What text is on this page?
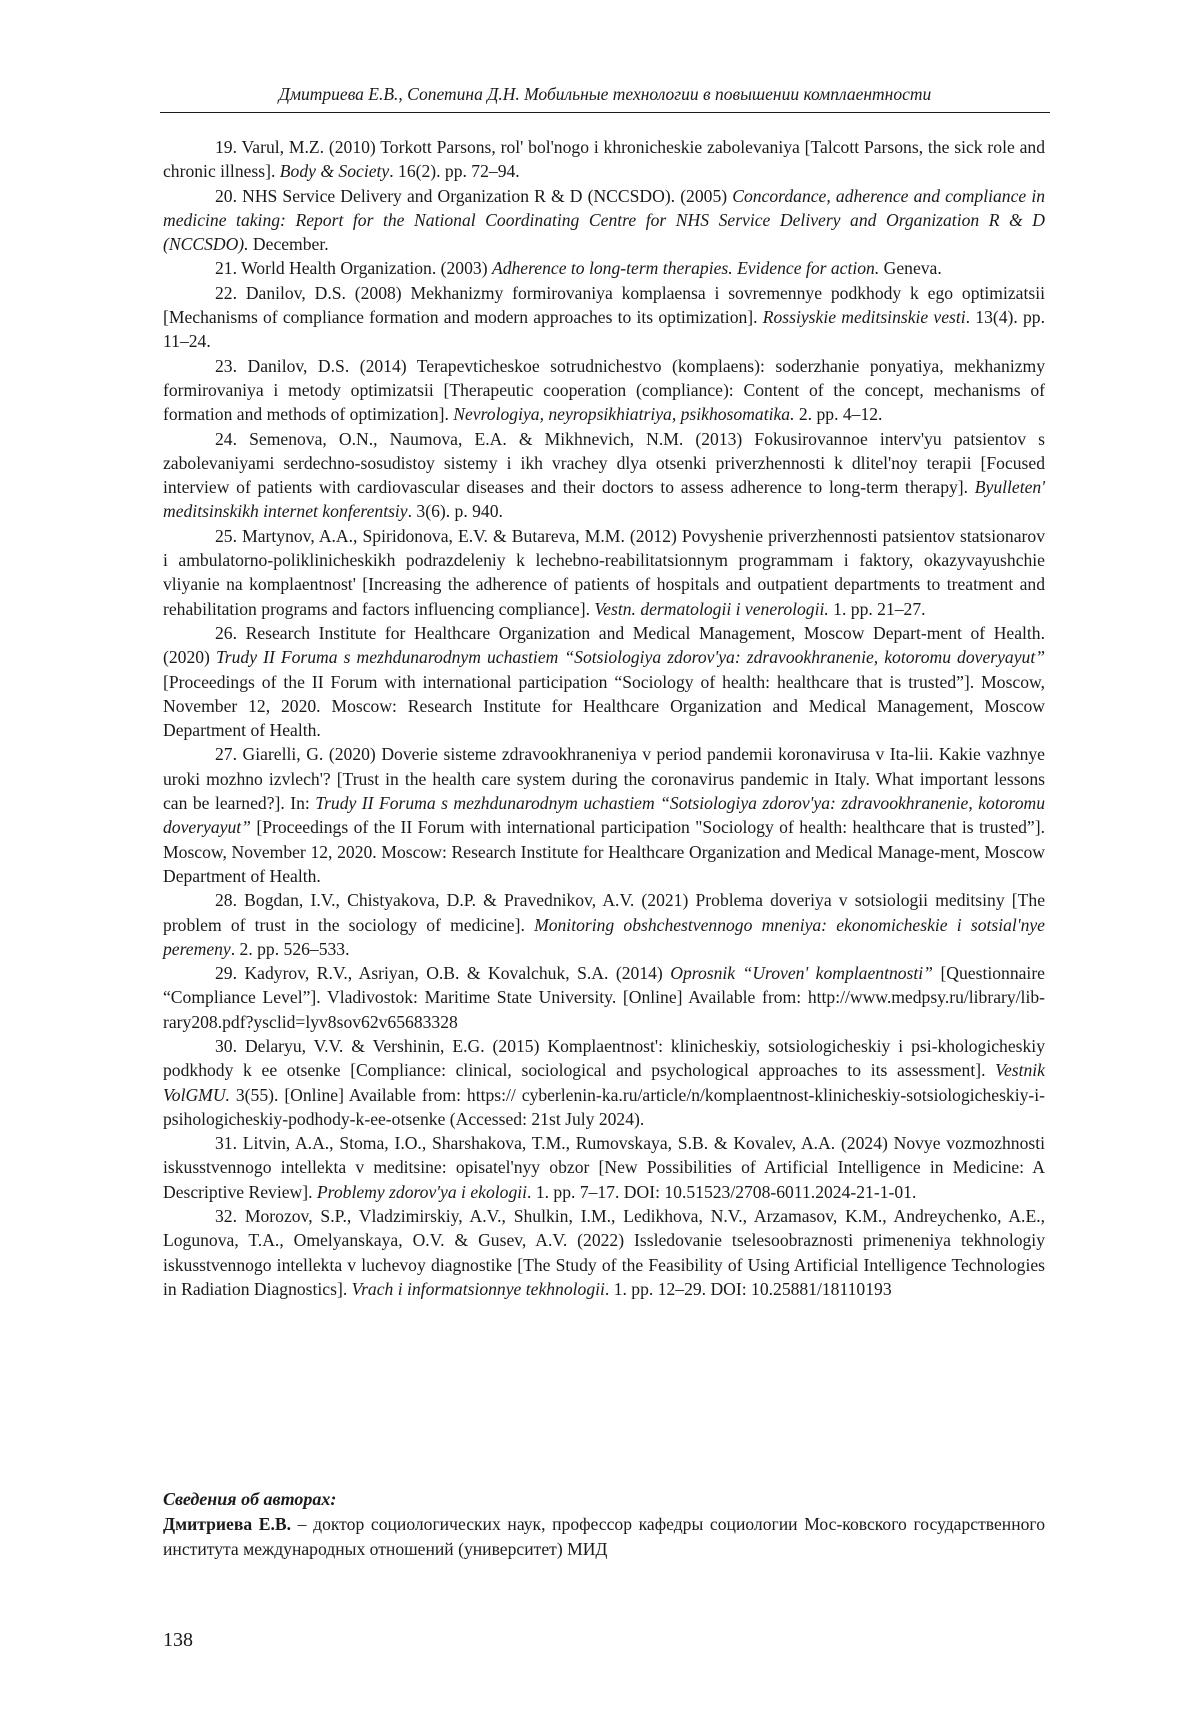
Дмитриева Е.В., Сопетина Д.Н. Мобильные технологии в повышении комплаентности

19. Varul, M.Z. (2010) Torkott Parsons, rol' bol'nogo i khronicheskie zabolevaniya [Talcott Parsons, the sick role and chronic illness]. Body & Society. 16(2). pp. 72–94.

20. NHS Service Delivery and Organization R & D (NCCSDO). (2005) Concordance, adherence and compliance in medicine taking: Report for the National Coordinating Centre for NHS Service Delivery and Organization R & D (NCCSDO). December.

21. World Health Organization. (2003) Adherence to long-term therapies. Evidence for action. Geneva.

22. Danilov, D.S. (2008) Mekhanizmy formirovaniya komplaensa i sovremennye podkhody k ego optimizatsii [Mechanisms of compliance formation and modern approaches to its optimization]. Rossiyskie meditsinskie vesti. 13(4). pp. 11–24.

23. Danilov, D.S. (2014) Terapevticheskoe sotrudnichestvo (komplaens): soderzhanie ponyatiya, mekhanizmy formirovaniya i metody optimizatsii [Therapeutic cooperation (compliance): Content of the concept, mechanisms of formation and methods of optimization]. Nevrologiya, neyropsikhiatriya, psikhosomatika. 2. pp. 4–12.

24. Semenova, O.N., Naumova, E.A. & Mikhnevich, N.M. (2013) Fokusirovannoe interv'yu patsientov s zabolevaniyami serdechno-sosudistoy sistemy i ikh vrachey dlya otsenki priverzhennosti k dlitel'noy terapii [Focused interview of patients with cardiovascular diseases and their doctors to assess adherence to long-term therapy]. Byulleten' meditsinskikh internet konferentsiy. 3(6). p. 940.

25. Martynov, A.A., Spiridonova, E.V. & Butareva, M.M. (2012) Povyshenie priverzhennosti patsientov statsionarov i ambulatorno-poliklinicheskikh podrazdeleniy k lechebno-reabilitatsionnym programmam i faktory, okazyvayushchie vliyanie na komplaentnost' [Increasing the adherence of patients of hospitals and outpatient departments to treatment and rehabilitation programs and factors influencing compliance]. Vestn. dermatologii i venerologii. 1. pp. 21–27.

26. Research Institute for Healthcare Organization and Medical Management, Moscow Depart-ment of Health. (2020) Trudy II Foruma s mezhdunarodnym uchastiem “Sotsiologiya zdorov'ya: zdravookhranenie, kotoromu doveryayut” [Proceedings of the II Forum with international participation “Sociology of health: healthcare that is trusted”]. Moscow, November 12, 2020. Moscow: Research Institute for Healthcare Organization and Medical Management, Moscow Department of Health.

27. Giarelli, G. (2020) Doverie sisteme zdravookhraneniya v period pandemii koronavirusa v Ita-lii. Kakie vazhnye uroki mozhno izvlech'? [Trust in the health care system during the coronavirus pandemic in Italy. What important lessons can be learned?]. In: Trudy II Foruma s mezhdunarodnym uchastiem “Sotsiologiya zdorov'ya: zdravookhranenie, kotoromu doveryayut” [Proceedings of the II Forum with international participation "Sociology of health: healthcare that is trusted”]. Moscow, November 12, 2020. Moscow: Research Institute for Healthcare Organization and Medical Manage-ment, Moscow Department of Health.

28. Bogdan, I.V., Chistyakova, D.P. & Pravednikov, A.V. (2021) Problema doveriya v sotsiologii meditsiny [The problem of trust in the sociology of medicine]. Monitoring obshchestvennogo mneniya: ekonomicheskie i sotsial'nye peremeny. 2. pp. 526–533.

29. Kadyrov, R.V., Asriyan, O.B. & Kovalchuk, S.A. (2014) Oprosnik “Uroven' komplaentnosti” [Questionnaire “Compliance Level”]. Vladivostok: Maritime State University. [Online] Available from: http://www.medpsy.ru/library/lib-rary208.pdf?ysclid=lyv8sov62v65683328

30. Delaryu, V.V. & Vershinin, E.G. (2015) Komplaentnost': klinicheskiy, sotsiologicheskiy i psi-khologicheskiy podkhody k ee otsenke [Compliance: clinical, sociological and psychological approaches to its assessment]. Vestnik VolGMU. 3(55). [Online] Available from: https:// cyberlenin-ka.ru/article/n/komplaentnost-klinicheskiy-sotsiologicheskiy-i-psihologicheskiy-podhody-k-ee-otsenke (Accessed: 21st July 2024).

31. Litvin, A.A., Stoma, I.O., Sharshakova, T.M., Rumovskaya, S.B. & Kovalev, A.A. (2024) Novye vozmozhnosti iskusstvennogo intellekta v meditsine: opisatel'nyy obzor [New Possibilities of Artificial Intelligence in Medicine: A Descriptive Review]. Problemy zdorov'ya i ekologii. 1. pp. 7–17. DOI: 10.51523/2708-6011.2024-21-1-01.

32. Morozov, S.P., Vladzimirskiy, A.V., Shulkin, I.M., Ledikhova, N.V., Arzamasov, K.M., Andreychenko, A.E., Logunova, T.A., Omelyanskaya, O.V. & Gusev, A.V. (2022) Issledovanie tselesoobraznosti primeneniya tekhnologiy iskusstvennogo intellekta v luchevoy diagnostike [The Study of the Feasibility of Using Artificial Intelligence Technologies in Radiation Diagnostics]. Vrach i informatsionnye tekhnologii. 1. pp. 12–29. DOI: 10.25881/18110193

Сведения об авторах:
Дмитриева Е.В. – доктор социологических наук, профессор кафедры социологии Мос-ковского государственного института международных отношений (университет) МИД
138
